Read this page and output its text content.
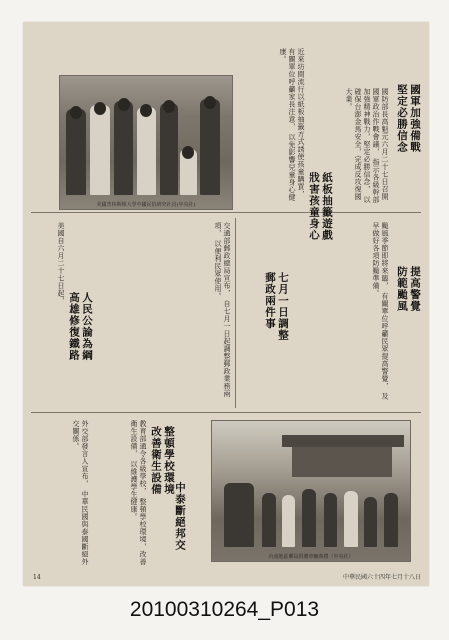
美國普林斯頓大學中國民俗研究社員(中央社)
台南地區郵局捐贈車輛典禮（中央社）
國軍加強備戰
堅定必勝信念
國防部長高魁元六月二十七日召開國軍政治作戰會議， 指示各級幹部加強精神戰力，堅定必勝信念， 以確保台澎金馬安全，完成反攻復國大業。
紙板抽籤遊戲
戕害孩童身心
近來坊間流行以紙板抽籤方式誘使孩童購買， 有關單位呼籲家長注意， 以免影響兒童身心健康。
提高警覺
防範颱風
颱風季節即將來臨， 有關單位呼籲民眾提高警覺， 及早做好各項防颱準備。
七月一日調整
郵政兩件事
交通部郵政總局宣布， 自七月一日起調整郵政業務兩項， 以便利民眾使用。
人民公論為綱
高雄修復鐵路
美國自六月二十七日起，
整頓學校環境
改善衛生設備
教育部通令各級學校， 整頓學校環境，改善衛生設備， 以維護學生健康。	中泰斷絕邦交
外交部發言人宣布， 中華民國與泰國斷絕外交關係。
14	中華民國六十四年七月十八日
20100310264_P013
